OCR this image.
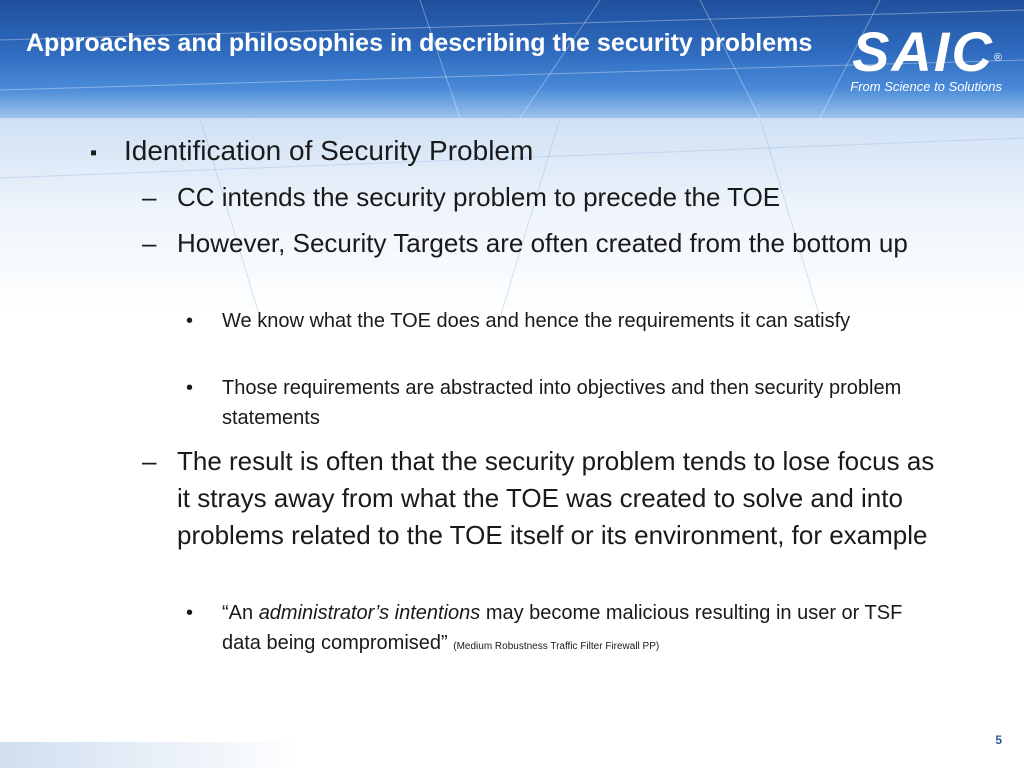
Approaches and philosophies in describing the security problems $SAIC_®$
From Science to Solutions
▪ Identification of Security Problem
– CC intends the security problem to precede the TOE
– However, Security Targets are often created from the bottom up
• We know what the TOE does and hence the requirements it can satisfy
• Those requirements are abstracted into objectives and then security problem statements
– The result is often that the security problem tends to lose focus as it strays away from what the TOE was created to solve and into problems related to the TOE itself or its environment, for example
• “An administrator’s intentions may become malicious resulting in user or TSF data being compromised” (Medium Robustness Traffic Filter Firewall PP)
5
